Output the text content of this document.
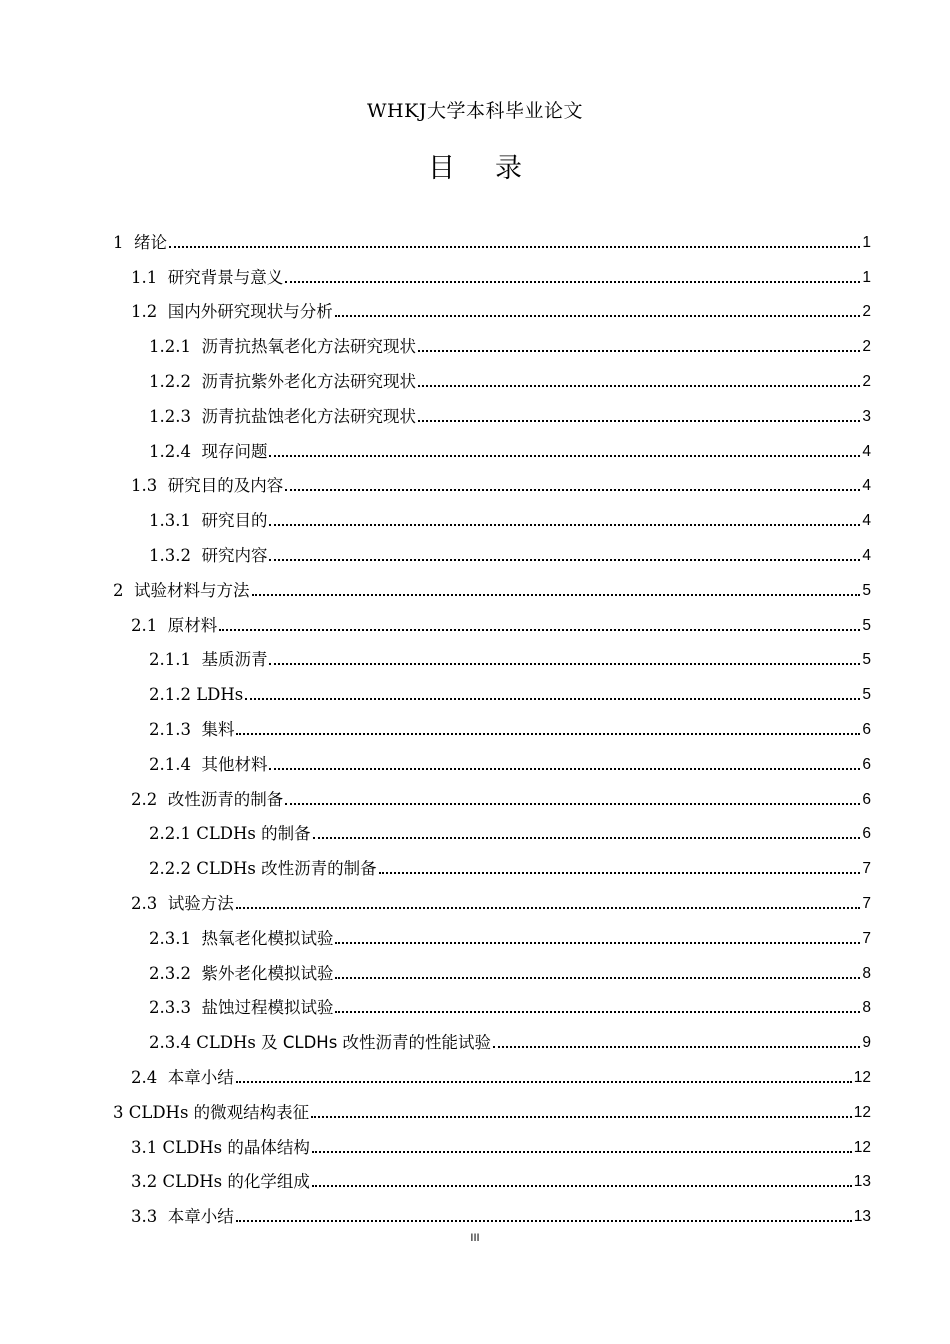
WHKJ大学本科毕业论文
目 录
1 绪论	1
1.1 研究背景与意义	1
1.2 国内外研究现状与分析	2
1.2.1 沥青抗热氧老化方法研究现状	2
1.2.2 沥青抗紫外老化方法研究现状	2
1.2.3 沥青抗盐蚀老化方法研究现状	3
1.2.4 现存问题	4
1.3 研究目的及内容	4
1.3.1 研究目的	4
1.3.2 研究内容	4
2 试验材料与方法	5
2.1 原材料	5
2.1.1 基质沥青	5
2.1.2 LDHs	5
2.1.3 集料	6
2.1.4 其他材料	6
2.2 改性沥青的制备	6
2.2.1 CLDHs 的制备	6
2.2.2 CLDHs 改性沥青的制备	7
2.3 试验方法	7
2.3.1 热氧老化模拟试验	7
2.3.2 紫外老化模拟试验	8
2.3.3 盐蚀过程模拟试验	8
2.3.4 CLDHs 及 CLDHs 改性沥青的性能试验	9
2.4 本章小结	12
3 CLDHs 的微观结构表征	12
3.1 CLDHs 的晶体结构	12
3.2 CLDHs 的化学组成	13
3.3 本章小结	13
III
